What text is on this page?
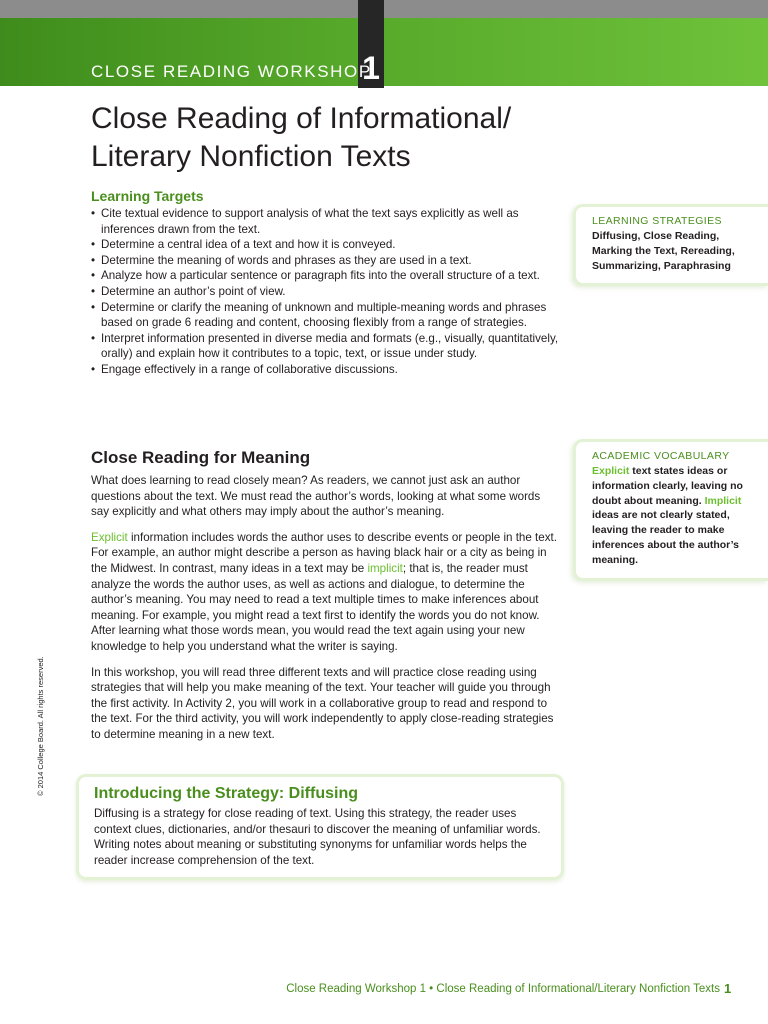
CLOSE READING WORKSHOP
1
Close Reading of Informational/
Literary Nonfiction Texts
Learning Targets
• Cite textual evidence to support analysis of what the text says explicitly as well as inferences drawn from the text.
• Determine a central idea of a text and how it is conveyed.
• Determine the meaning of words and phrases as they are used in a text.
• Analyze how a particular sentence or paragraph fits into the overall structure of a text.
• Determine an author’s point of view.
• Determine or clarify the meaning of unknown and multiple-meaning words and phrases based on grade 6 reading and content, choosing flexibly from a range of strategies.
• Interpret information presented in diverse media and formats (e.g., visually, quantitatively, orally) and explain how it contributes to a topic, text, or issue under study.
• Engage effectively in a range of collaborative discussions.
LEARNING STRATEGIES

Diffusing, Close Reading, Marking the Text, Rereading, Summarizing, Paraphrasing

ACADEMIC VOCABULARY

Explicit text states ideas or information clearly, leaving no doubt about meaning. Implicit ideas are not clearly stated, leaving the reader to make inferences about the author’s meaning.

Close Reading for Meaning

What does learning to read closely mean? As readers, we cannot just ask an author questions about the text. We must read the author’s words, looking at what some words say explicitly and what others may imply about the author’s meaning.

Explicit information includes words the author uses to describe events or people in the text. For example, an author might describe a person as having black hair or a city as being in the Midwest. In contrast, many ideas in a text may be implicit; that is, the reader must analyze the words the author uses, as well as actions and dialogue, to determine the author’s meaning. You may need to read a text multiple times to make inferences about meaning. For example, you might read a text first to identify the words you do not know. After learning what those words mean, you would read the text again using your new knowledge to help you understand what the writer is saying.

In this workshop, you will read three different texts and will practice close reading using strategies that will help you make meaning of the text. Your teacher will guide you through the first activity. In Activity 2, you will work in a collaborative group to read and respond to the text. For the third activity, you will work independently to apply close-reading strategies to determine meaning in a new text.

Introducing the Strategy: Diffusing

Diffusing is a strategy for close reading of text. Using this strategy, the reader uses context clues, dictionaries, and/or thesauri to discover the meaning of unfamiliar words. Writing notes about meaning or substituting synonyms for unfamiliar words helps the reader increase comprehension of the text.

© 2014 College Board. All rights reserved.
Close Reading Workshop 1 • Close Reading of Informational/Literary Nonfiction Texts 1
